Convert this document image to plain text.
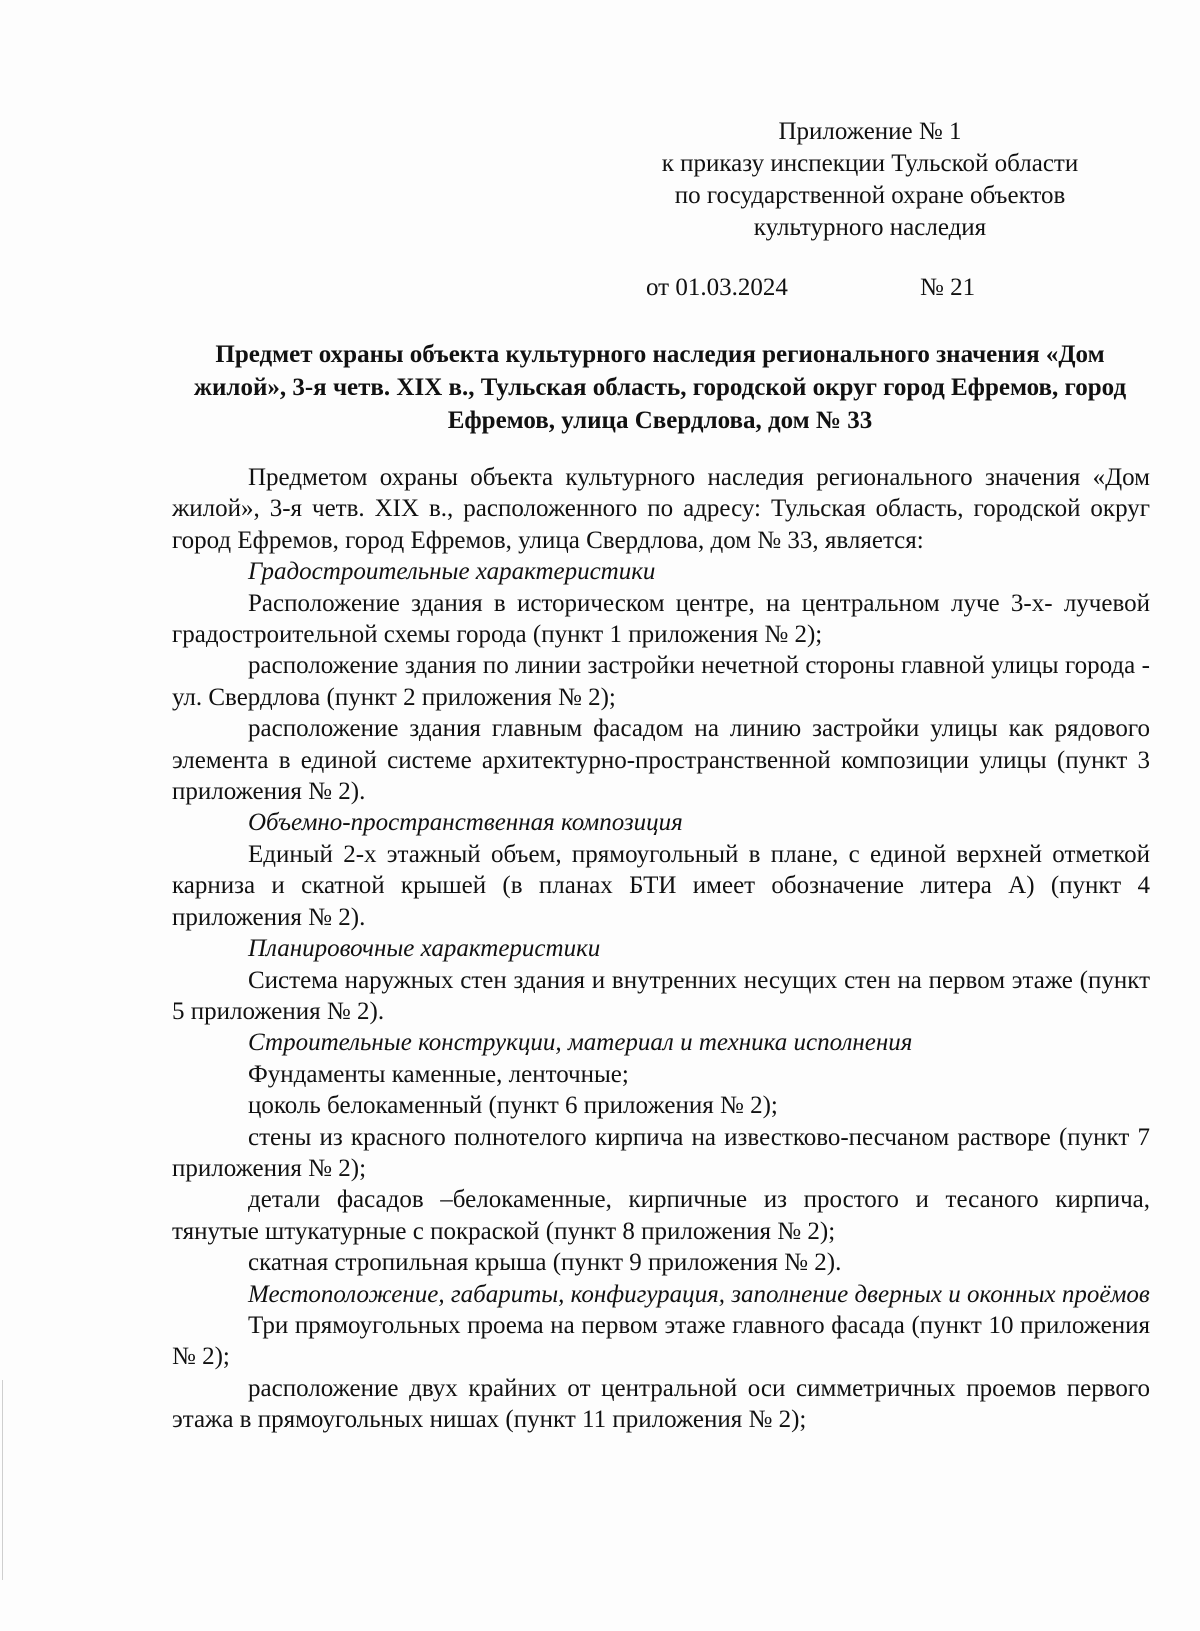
Приложение № 1
к приказу инспекции Тульской области
по государственной охране объектов
культурного наследия
от 01.03.2024	№ 21
Предмет охраны объекта культурного наследия регионального значения «Дом жилой», 3-я четв. XIX в., Тульская область, городской округ город Ефремов, город Ефремов, улица Свердлова, дом № 33

Предметом охраны объекта культурного наследия регионального значения «Дом жилой», 3-я четв. XIX в., расположенного по адресу: Тульская область, городской округ город Ефремов, город Ефремов, улица Свердлова, дом № 33, является:

Градостроительные характеристики

Расположение здания в историческом центре, на центральном луче 3-х- лучевой градостроительной схемы города (пункт 1 приложения № 2);

расположение здания по линии застройки нечетной стороны главной улицы города - ул. Свердлова (пункт 2 приложения № 2);

расположение здания главным фасадом на линию застройки улицы как рядового элемента в единой системе архитектурно-пространственной композиции улицы (пункт 3 приложения № 2).

Объемно-пространственная композиция

Единый 2-х этажный объем, прямоугольный в плане, с единой верхней отметкой карниза и скатной крышей (в планах БТИ имеет обозначение литера А) (пункт 4 приложения № 2).

Планировочные характеристики

Система наружных стен здания и внутренних несущих стен на первом этаже (пункт 5 приложения № 2).

Строительные конструкции, материал и техника исполнения

Фундаменты каменные, ленточные;

цоколь белокаменный (пункт 6 приложения № 2);

стены из красного полнотелого кирпича на известково-песчаном растворе (пункт 7 приложения № 2);

детали фасадов –белокаменные, кирпичные из простого и тесаного кирпича, тянутые штукатурные с покраской (пункт 8 приложения № 2);

скатная стропильная крыша (пункт 9 приложения № 2).

Местоположение, габариты, конфигурация, заполнение дверных и оконных проёмов

Три прямоугольных проема на первом этаже главного фасада (пункт 10 приложения № 2);

расположение двух крайних от центральной оси симметричных проемов первого этажа в прямоугольных нишах (пункт 11 приложения № 2);
